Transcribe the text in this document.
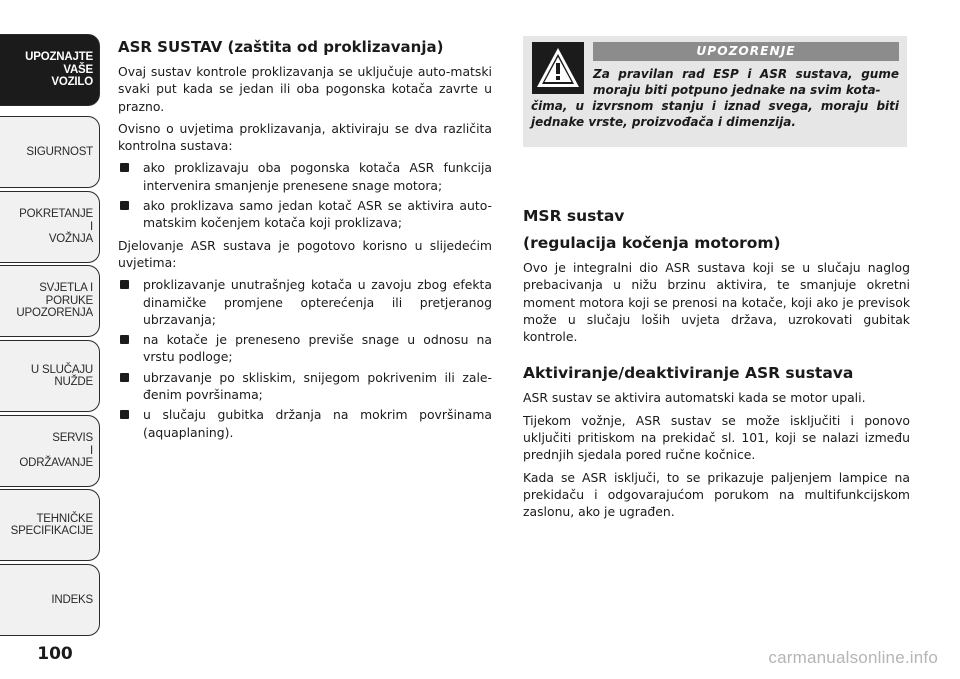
UPOZNAJTE
VAŠE
VOZILO
SIGURNOST
POKRETANJE
I
VOŽNJA
SVJETLA I
PORUKE
UPOZORENJA
U SLUČAJU
NUŽDE
SERVIS
I
ODRŽAVANJE
TEHNIČKE
SPECIFIKACIJE
INDEKS
100
ASR SUSTAV (zaštita od proklizavanja)

Ovaj sustav kontrole proklizavanja se uključuje auto-matski svaki put kada se jedan ili oba pogonska kotača zavrte u prazno.

Ovisno o uvjetima proklizavanja, aktiviraju se dva različita kontrolna sustava:

ako proklizavaju oba pogonska kotača ASR funkcija intervenira smanjenje prenesene snage motora;
ako proklizava samo jedan kotač ASR se aktivira auto-matskim kočenjem kotača koji proklizava;

Djelovanje ASR sustava je pogotovo korisno u slijedećim uvjetima:

proklizavanje unutrašnjeg kotača u zavoju zbog efekta dinamičke promjene opterećenja ili pretjeranog ubrzavanja;
na kotače je preneseno previše snage u odnosu na vrstu podloge;
ubrzavanje po skliskim, snijegom pokrivenim ili zale-đenim površinama;
u slučaju gubitka držanja na mokrim površinama (aquaplaning).
UPOZORENJE
Za pravilan rad ESP i ASR sustava, gume moraju biti potpuno jednake na svim kota-
čima, u izvrsnom stanju i iznad svega, moraju biti jednake vrste, proizvođača i dimenzija.
MSR sustav
(regulacija kočenja motorom)

Ovo je integralni dio ASR sustava koji se u slučaju naglog prebacivanja u nižu brzinu aktivira, te smanjuje okretni moment motora koji se prenosi na kotače, koji ako je previsok može u slučaju loših uvjeta država, uzrokovati gubitak kontrole.

Aktiviranje/deaktiviranje ASR sustava

ASR sustav se aktivira automatski kada se motor upali.

Tijekom vožnje, ASR sustav se može isključiti i ponovo uključiti pritiskom na prekidač sl. 101, koji se nalazi između prednjih sjedala pored ručne kočnice.

Kada se ASR isključi, to se prikazuje paljenjem lampice na prekidaču i odgovarajućom porukom na multifunkcijskom zaslonu, ako je ugrađen.

carmanualsonline.info
